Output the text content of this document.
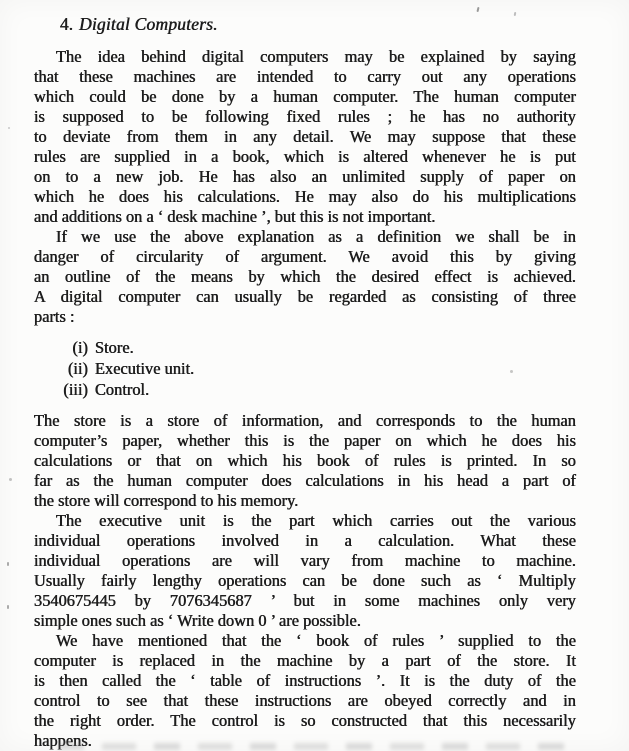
4. Digital Computers.
The idea behind digital computers may be explained by saying
that these machines are intended to carry out any operations
which could be done by a human computer. The human computer
is supposed to be following fixed rules ; he has no authority
to deviate from them in any detail. We may suppose that these
rules are supplied in a book, which is altered whenever he is put
on to a new job. He has also an unlimited supply of paper on
which he does his calculations. He may also do his multiplications
and additions on a ‘ desk machine ’, but this is not important.
If we use the above explanation as a definition we shall be in
danger of circularity of argument. We avoid this by giving
an outline of the means by which the desired effect is achieved.
A digital computer can usually be regarded as consisting of three
parts :
(i) Store.
(ii) Executive unit.
(iii) Control.
The store is a store of information, and corresponds to the human
computer’s paper, whether this is the paper on which he does his
calculations or that on which his book of rules is printed. In so
far as the human computer does calculations in his head a part of
the store will correspond to his memory.
The executive unit is the part which carries out the various
individual operations involved in a calculation. What these
individual operations are will vary from machine to machine.
Usually fairly lengthy operations can be done such as ‘ Multiply
3540675445 by 7076345687 ’ but in some machines only very
simple ones such as ‘ Write down 0 ’ are possible.
We have mentioned that the ‘ book of rules ’ supplied to the
computer is replaced in the machine by a part of the store. It
is then called the ‘ table of instructions ’. It is the duty of the
control to see that these instructions are obeyed correctly and in
the right order. The control is so constructed that this necessarily
happens.
